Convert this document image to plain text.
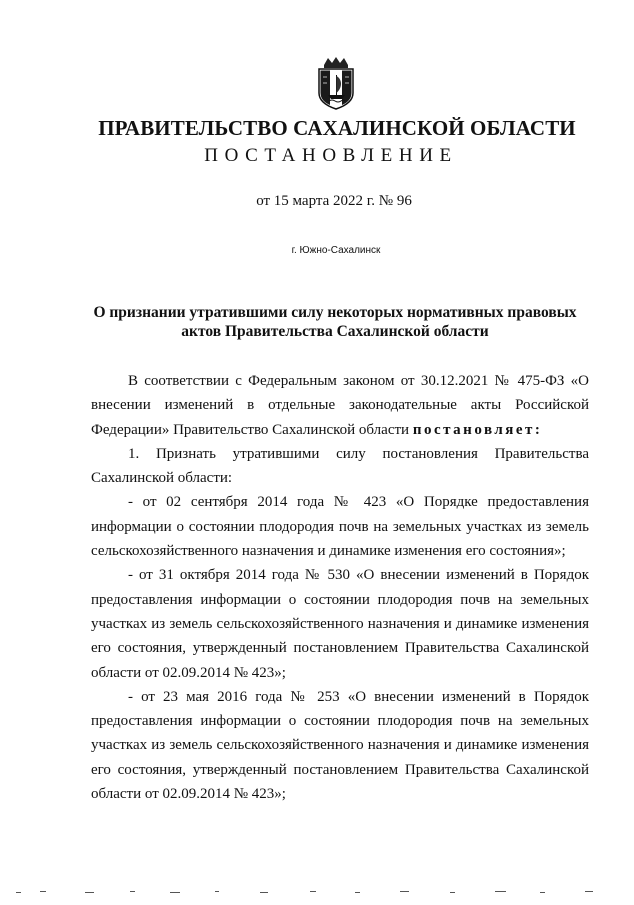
ПРАВИТЕЛЬСТВО САХАЛИНСКОЙ ОБЛАСТИ
ПОСТАНОВЛЕНИЕ
от 15 марта 2022 г. № 96
г. Южно-Сахалинск
О признании утратившими силу некоторых нормативных правовых
актов Правительства Сахалинской области

В соответствии с Федеральным законом от 30.12.2021 № 475-ФЗ «О внесении изменений в отдельные законодательные акты Российской Федерации» Правительство Сахалинской области постановляет:

1. Признать утратившими силу постановления Правительства Сахалинской области:

- от 02 сентября 2014 года № 423 «О Порядке предоставления информации о состоянии плодородия почв на земельных участках из земель сельскохозяйственного назначения и динамике изменения его состояния»;

- от 31 октября 2014 года № 530 «О внесении изменений в Порядок предоставления информации о состоянии плодородия почв на земельных участках из земель сельскохозяйственного назначения и динамике изменения его состояния, утвержденный постановлением Правительства Сахалинской области от 02.09.2014 № 423»;

- от 23 мая 2016 года № 253 «О внесении изменений в Порядок предоставления информации о состоянии плодородия почв на земельных участках из земель сельскохозяйственного назначения и динамике изменения его состояния, утвержденный постановлением Правительства Сахалинской области от 02.09.2014 № 423»;
